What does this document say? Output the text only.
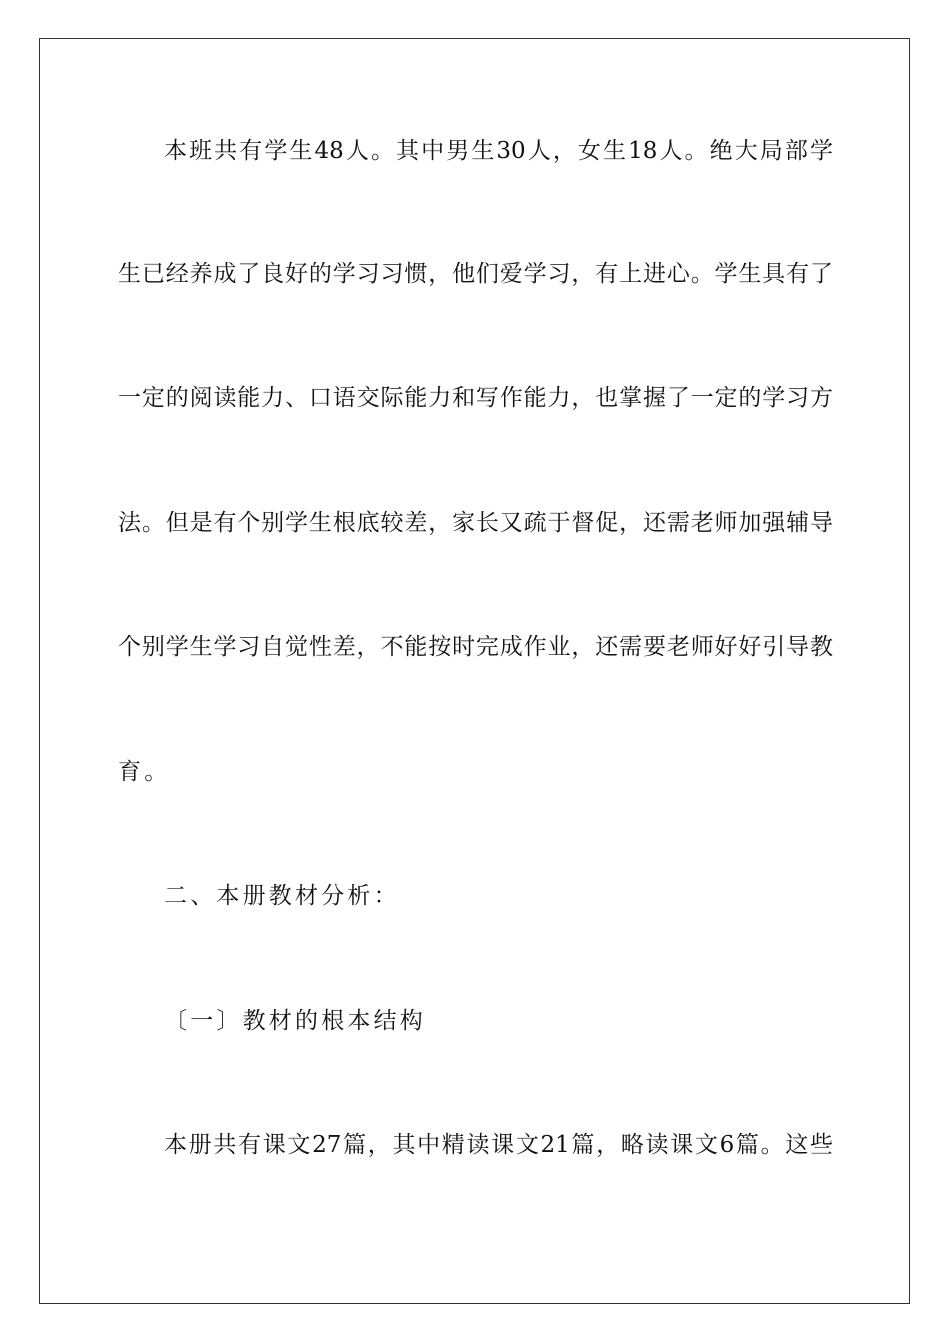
本班共有学生48人。其中男生30人，女生18人。绝大局部学
生已经养成了良好的学习习惯，他们爱学习，有上进心。学生具有了
一定的阅读能力、口语交际能力和写作能力，也掌握了一定的学习方
法。但是有个别学生根底较差，家长又疏于督促，还需老师加强辅导
个别学生学习自觉性差，不能按时完成作业，还需要老师好好引导教
育。
二、本册教材分析：
〔一〕教材的根本结构
本册共有课文27篇，其中精读课文21篇，略读课文6篇。这些
